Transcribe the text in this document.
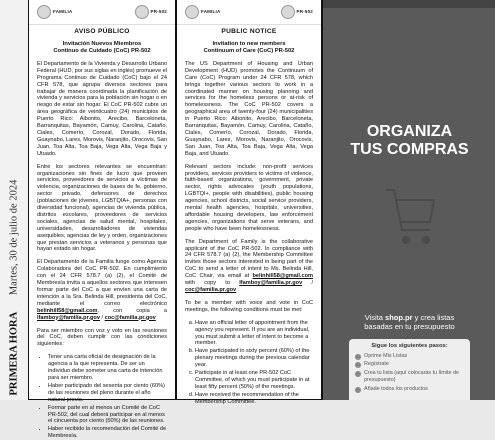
PRIMERA HORA Martes, 30 de julio de 2024
FAMILIA	PR-502
AVISO PÚBLICO
Invitación Nuevos Miembros
Continuo de Cuidado (CoC) PR-502

El Departamento de la Vivienda y Desarrollo Urbano Federal (HUD, por sus siglas en inglés) promueve el Programa Continuo de Cuidado (CoC) bajo el 24 CFR 578, que agrupa diversos sectores para trabajar de manera coordinada la planificación de vivienda y servicios para la población sin hogar o en riesgo de estar sin hogar. El CoC PR-502 cubre un área geográfica de veinticuatro (24) municipios de Puerto Rico: Aibonito, Arecibo, Barceloneta, Barranquitas, Bayamón, Camuy, Carolina, Cataño, Ciales, Comerío, Corozal, Dorado, Florida, Guaynabo, Lares, Morovis, Naranjito, Orocovis, San Juan, Toa Alta, Toa Baja, Vega Alta, Vega Baja y Utuado.

Entre los sectores relevantes se encuentran: organizaciones sin fines de lucro que proveen servicios, proveedores de servicios a víctimas de violencia, organizaciones de bases de fe, gobierno, sector privado, defensores de derechos (poblaciones de jóvenes, LGBTQIA+, personas con diversidad funcional), agencias de vivienda pública, distritos escolares, proveedores de servicios sociales, agencias de salud mental, hospitales, universidades, desarrolladores de viviendas asequibles, agencias de ley y orden, organizaciones que prestan servicios a veteranos y personas que hayan estado sin hogar.

El Departamento de la Familia funge como Agencia Colaboradora del CoC PR-502. En cumplimiento con el 24 CFR 578.7 (a) (2), el Comité de Membresía invita a aquellos sectores que interesen formar parte del CoC a que envíen una carta de intención a la Sra. Belinda Hill, presidenta del CoC, mediante el correo electrónico belinhill58@gmail.com, con copia a lfamboy@familia.pr.gov / coc@familia.pr.gov

Para ser miembro con voz y voto en las reuniones del CoC, deben cumplir con las condiciones siguientes:

• Tener una carta oficial de designación de la agencia a la que representa. De ser un individuo debe someter una carta de intención para ser miembro.
• Haber participado del sesenta por ciento (60%) de las reuniones del pleno durante el año natural previo.
• Formar parte en al menos un Comité de CoC PR-502, del cual deberá participar en al menos el cincuenta por ciento (50%) de las reuniones.
• Haber recibido la recomendación del Comité de Membresía.
FAMILIA	PR-502
PUBLIC NOTICE
Invitation to new members
Continuum of Care (CoC) PR-502

The US Department of Housing and Urban Development (HUD) promotes the Continuum of Care (CoC) Program under 24 CFR 578, which brings together various sectors to work in a coordinated manner on housing planning and services for the homeless persons or at-risk of homelessness. The CoC PR-502 covers a geographical area of twenty-four (24) municipalities in Puerto Rico: Aibonito, Arecibo, Barceloneta, Barranquitas, Bayamón, Camuy, Carolina, Cataño, Ciales, Comerío, Corozal, Dorado, Florida, Guaynabo, Lares, Morovis, Naranjito, Orocovis, San Juan, Toa Alta, Toa Baja, Vega Alta, Vega Baja, and Utuado.

Relevant sectors include: non-profit services providers, services providers to victims of violence, faith-based organizations, government, private sector, rights advocates (youth populations, LGBTQI+, people with disabilities), public housing agencies, school districts, social service providers, mental health agencies, hospitals, universities, affordable housing developers, law enforcement agencies, organizations that serve veterans, and people who have been homelessness.

The Department of Family is the collaborative applicant of the CoC PR-502. In compliance with 24 CFR 578.7 (a) (2), the Membership Committee invites those sectors interested in being part of the CoC to send a letter of intent to Ms. Belinda Hill, CoC Chair, via email at belinhill58@gmail.com with copy to lfamboy@familia.pr.gov / coc@familia.pr.gov

To be a member with voice and vote in CoC meetings, the following conditions must be met:

a. Have an official letter of appointment from the agency you represent. If you are an individual, you must submit a letter of intent to become a member.
b. Have participated in sixty percent (60%) of the plenary meetings during the previous calendar year.
c. Participate in at least one PR-502 CoC Committee, of which you must participate in at least fifty percent (50%) of the meetings.
d. Have received the recommendation of the Membership Committee.
ORGANIZA
TUS COMPRAS
Visita shop.pr y crea listas
basadas en tu presupuesto
Sigue los siguientes pasos:
Oprime Mis Listas
Regístrate
Crea tu lista (aquí colocarás tu límite de presupuesto)
Añade todos los productos
